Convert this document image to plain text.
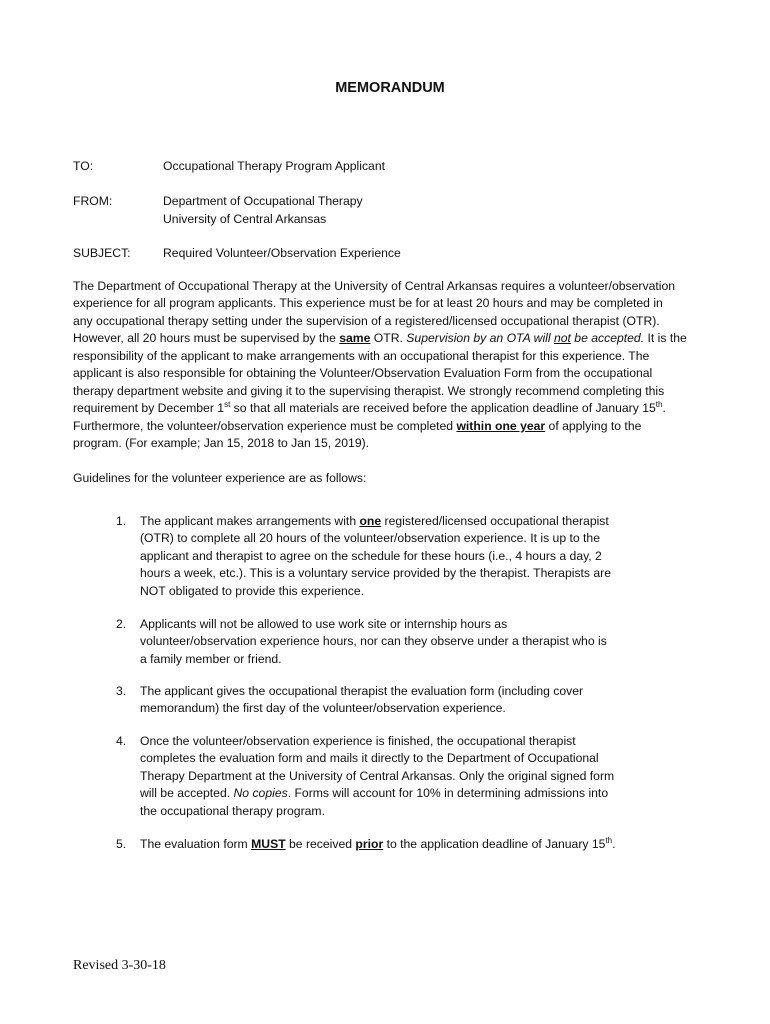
MEMORANDUM
TO:	Occupational Therapy Program Applicant
FROM:	Department of Occupational Therapy
University of Central Arkansas
SUBJECT:	Required Volunteer/Observation Experience
The Department of Occupational Therapy at the University of Central Arkansas requires a volunteer/observation
experience for all program applicants. This experience must be for at least 20 hours and may be completed in
any occupational therapy setting under the supervision of a registered/licensed occupational therapist (OTR).
However, all 20 hours must be supervised by the same OTR. Supervision by an OTA will not be accepted. It is the
responsibility of the applicant to make arrangements with an occupational therapist for this experience. The
applicant is also responsible for obtaining the Volunteer/Observation Evaluation Form from the occupational
therapy department website and giving it to the supervising therapist. We strongly recommend completing this
requirement by December 1st so that all materials are received before the application deadline of January 15th.
Furthermore, the volunteer/observation experience must be completed within one year of applying to the
program. (For example; Jan 15, 2018 to Jan 15, 2019).
Guidelines for the volunteer experience are as follows:
1.	The applicant makes arrangements with one registered/licensed occupational therapist
(OTR) to complete all 20 hours of the volunteer/observation experience. It is up to the
applicant and therapist to agree on the schedule for these hours (i.e., 4 hours a day, 2
hours a week, etc.). This is a voluntary service provided by the therapist. Therapists are
NOT obligated to provide this experience.
2.	Applicants will not be allowed to use work site or internship hours as
volunteer/observation experience hours, nor can they observe under a therapist who is
a family member or friend.
3.	The applicant gives the occupational therapist the evaluation form (including cover
memorandum) the first day of the volunteer/observation experience.
4.	Once the volunteer/observation experience is finished, the occupational therapist
completes the evaluation form and mails it directly to the Department of Occupational
Therapy Department at the University of Central Arkansas. Only the original signed form
will be accepted. No copies. Forms will account for 10% in determining admissions into
the occupational therapy program.
5.	The evaluation form MUST be received prior to the application deadline of January 15th.
Revised 3-30-18
